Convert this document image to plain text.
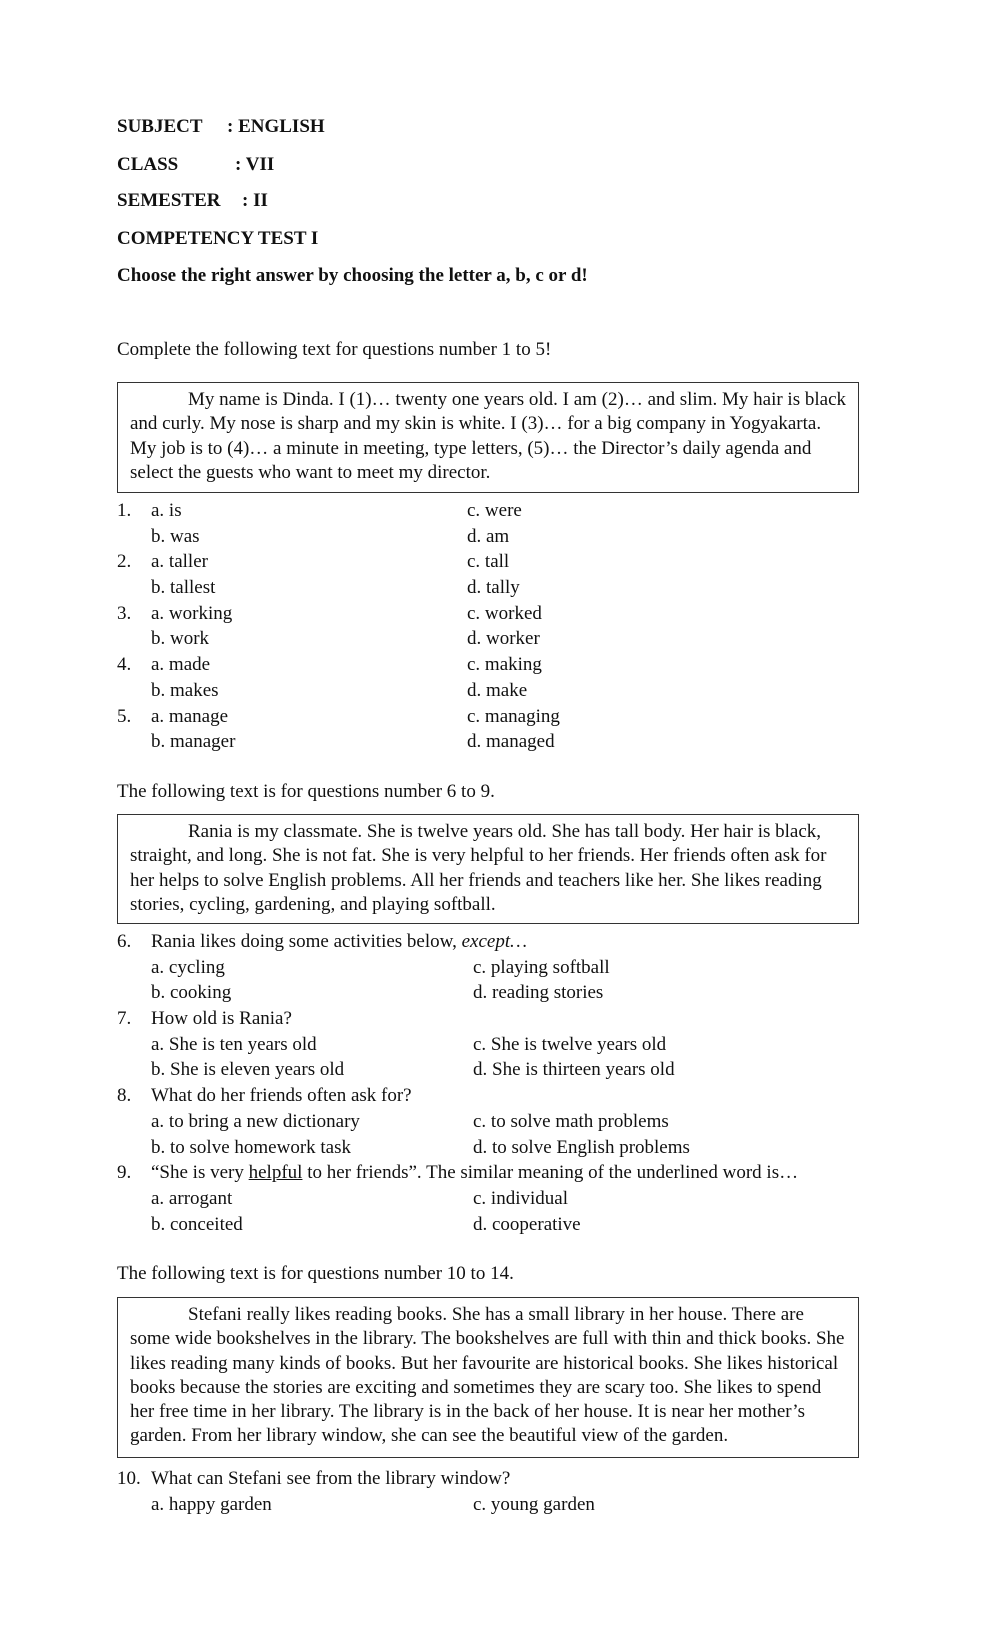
SUBJECT : ENGLISH
CLASS	: VII
SEMESTER : II
COMPETENCY TEST I
Choose the right answer by choosing the letter a, b, c or d!
Complete the following text for questions number 1 to 5!

My name is Dinda. I (1)… twenty one years old. I am (2)… and slim. My hair is black and curly. My nose is sharp and my skin is white. I (3)… for a big company in Yogyakarta. My job is to (4)… a minute in meeting, type letters, (5)… the Director’s daily agenda and select the guests who want to meet my director.

1. a. is	c. were
b. was	d. am
2. a. taller	c. tall
b. tallest	d. tally
3. a. working	c. worked
b. work	d. worker
4. a. made	c. making
b. makes	d. make
5. a. manage	c. managing
b. manager	d. managed
The following text is for questions number 6 to 9.

Rania is my classmate. She is twelve years old. She has tall body. Her hair is black, straight, and long. She is not fat. She is very helpful to her friends. Her friends often ask for her helps to solve English problems. All her friends and teachers like her. She likes reading stories, cycling, gardening, and playing softball.

6. Rania likes doing some activities below, except…
a. cycling	c. playing softball
b. cooking	d. reading stories
7. How old is Rania?
a. She is ten years old	c. She is twelve years old
b. She is eleven years old	d. She is thirteen years old
8. What do her friends often ask for?
a. to bring a new dictionary	c. to solve math problems
b. to solve homework task	d. to solve English problems
9. “She is very helpful to her friends”. The similar meaning of the underlined word is…
a. arrogant	c. individual
b. conceited	d. cooperative
The following text is for questions number 10 to 14.

Stefani really likes reading books. She has a small library in her house. There are some wide bookshelves in the library. The bookshelves are full with thin and thick books. She likes reading many kinds of books. But her favourite are historical books. She likes historical books because the stories are exciting and sometimes they are scary too. She likes to spend her free time in her library. The library is in the back of her house. It is near her mother’s garden. From her library window, she can see the beautiful view of the garden.

10. What can Stefani see from the library window?
a. happy garden	c. young garden
